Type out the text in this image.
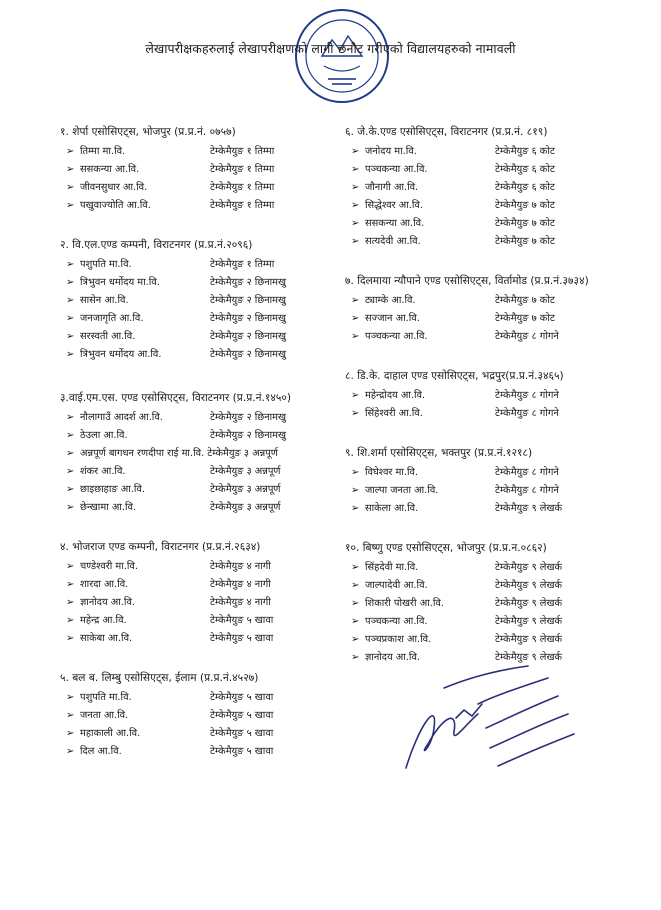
लेखापरीक्षकहरुलाई लेखापरीक्षणको लागी छनौट गरीएको विद्यालयहरुको नामावली
१. शेर्पा एसोसिएट्स, भोजपुर (प्र.प्र.नं. ०७५७)
➢ तिम्मा मा.वि.	टेम्केमैयुङ १ तिम्मा
➢ ससकन्या आ.वि.	टेम्केमैयुङ १ तिम्मा
➢ जीवनसुधार आ.वि.	टेम्केमैयुङ १ तिम्मा
➢ पखुवाज्योति आ.वि.	टेम्केमैयुङ १ तिम्मा
२. वि.एल.एण्ड कम्पनी, विराटनगर (प्र.प्र.नं.२०९६)
➢ पशुपति मा.वि.	टेम्केमैयुङ १ तिम्मा
➢ त्रिभुवन धर्मोदय मा.वि.	टेम्केमैयुङ २ छिनामखु
➢ सासेन आ.वि.	टेम्केमैयुङ २ छिनामखु
➢ जनजागृति आ.वि.	टेम्केमैयुङ २ छिनामखु
➢ सरस्वती आ.वि.	टेम्केमैयुङ २ छिनामखु
➢ त्रिभुवन धर्मोदय आ.वि.	टेम्केमैयुङ २ छिनामखु
३.वाई.एम.एस. एण्ड एसोसिएट्स, विराटनगर (प्र.प्र.नं.१४५०)
➢ नौलागाउँ आदर्श आ.वि.	टेम्केमैयुङ २ छिनामखु
➢ ठेउला आ.वि.	टेम्केमैयुङ २ छिनामखु
➢ अन्नपूर्ण बागधन रणदीपा राई मा.वि. टेम्केमैयुङ ३ अन्नपूर्ण
➢ शंकर आ.वि.	टेम्केमैयुङ ३ अन्नपूर्ण
➢ छाइछाहाङ आ.वि.	टेम्केमैयुङ ३ अन्नपूर्ण
➢ छेन्खामा आ.वि.	टेम्केमैयुङ ३ अन्नपूर्ण
४. भोजराज एण्ड कम्पनी, विराटनगर (प्र.प्र.नं.२६३४)
➢ चण्डेश्वरी मा.वि.	टेम्केमैयुङ ४ नागी
➢ शारदा आ.वि.	टेम्केमैयुङ ४ नागी
➢ ज्ञानोदय आ.वि.	टेम्केमैयुङ ४ नागी
➢ महेन्द्र आ.वि.	टेम्केमैयुङ ५ खावा
➢ साकेबा आ.वि.	टेम्केमैयुङ ५ खावा
५. बल ब. लिम्बु एसोसिएट्स, ईलाम (प्र.प्र.नं.४५२७)
➢ पशुपति मा.वि.	टेम्केमैयुङ ५ खावा
➢ जनता आ.वि.	टेम्केमैयुङ ५ खावा
➢ महाकाली आ.वि.	टेम्केमैयुङ ५ खावा
➢ दिल आ.वि.	टेम्केमैयुङ ५ खावा
६. जे.के.एण्ड एसोसिएट्स, विराटनगर (प्र.प्र.नं. ८१९)
➢ जनोदय मा.वि.	टेम्केमैयुङ ६ कोट
➢ पञ्चकन्या आ.वि.	टेम्केमैयुङ ६ कोट
➢ जौनागी आ.वि.	टेम्केमैयुङ ६ कोट
➢ सिद्धेश्वर आ.वि.	टेम्केमैयुङ ७ कोट
➢ ससकन्या आ.वि.	टेम्केमैयुङ ७ कोट
➢ सत्यदेवी आ.वि.	टेम्केमैयुङ ७ कोट
७. दिलमाया न्यौपाने एण्ड एसोसिएट्स, विर्तामोड (प्र.प्र.नं.३७३४)
➢ ट्याम्के आ.वि.	टेम्केमैयुङ ७ कोट
➢ सज्जान आ.वि.	टेम्केमैयुङ ७ कोट
➢ पञ्चकन्या आ.वि.	टेम्केमैयुङ ८ गोगने
८. डि.के. दाहाल एण्ड एसोसिएट्स, भद्रपुर(प्र.प्र.नं.३४६५)
➢ महेन्द्रोदय आ.वि.	टेम्केमैयुङ ८ गोगने
➢ सिंहेश्वरी आ.वि.	टेम्केमैयुङ ८ गोगने
९. शि.शर्मा एसोसिएट्स, भक्तपुर (प्र.प्र.नं.१२१८)
➢ विघेश्वर मा.वि.	टेम्केमैयुङ ८ गोगने
➢ जाल्पा जनता आ.वि.	टेम्केमैयुङ ८ गोगने
➢ साकेला आ.वि.	टेम्केमैयुङ ९ लेखर्क
१०. बिष्णु एण्ड एसोसिएट्स, भोजपुर (प्र.प्र.न.०८६२)
➢ सिंहदेवी मा.वि.	टेम्केमैयुङ ९ लेखर्क
➢ जाल्पादेवी आ.वि.	टेम्केमैयुङ ९ लेखर्क
➢ शिकारी पोखरी आ.वि.	टेम्केमैयुङ ९ लेखर्क
➢ पञ्चकन्या आ.वि.	टेम्केमैयुङ ९ लेखर्क
➢ पञ्चप्रकाश आ.वि.	टेम्केमैयुङ ९ लेखर्क
➢ ज्ञानोदय आ.वि.	टेम्केमैयुङ ९ लेखर्क
